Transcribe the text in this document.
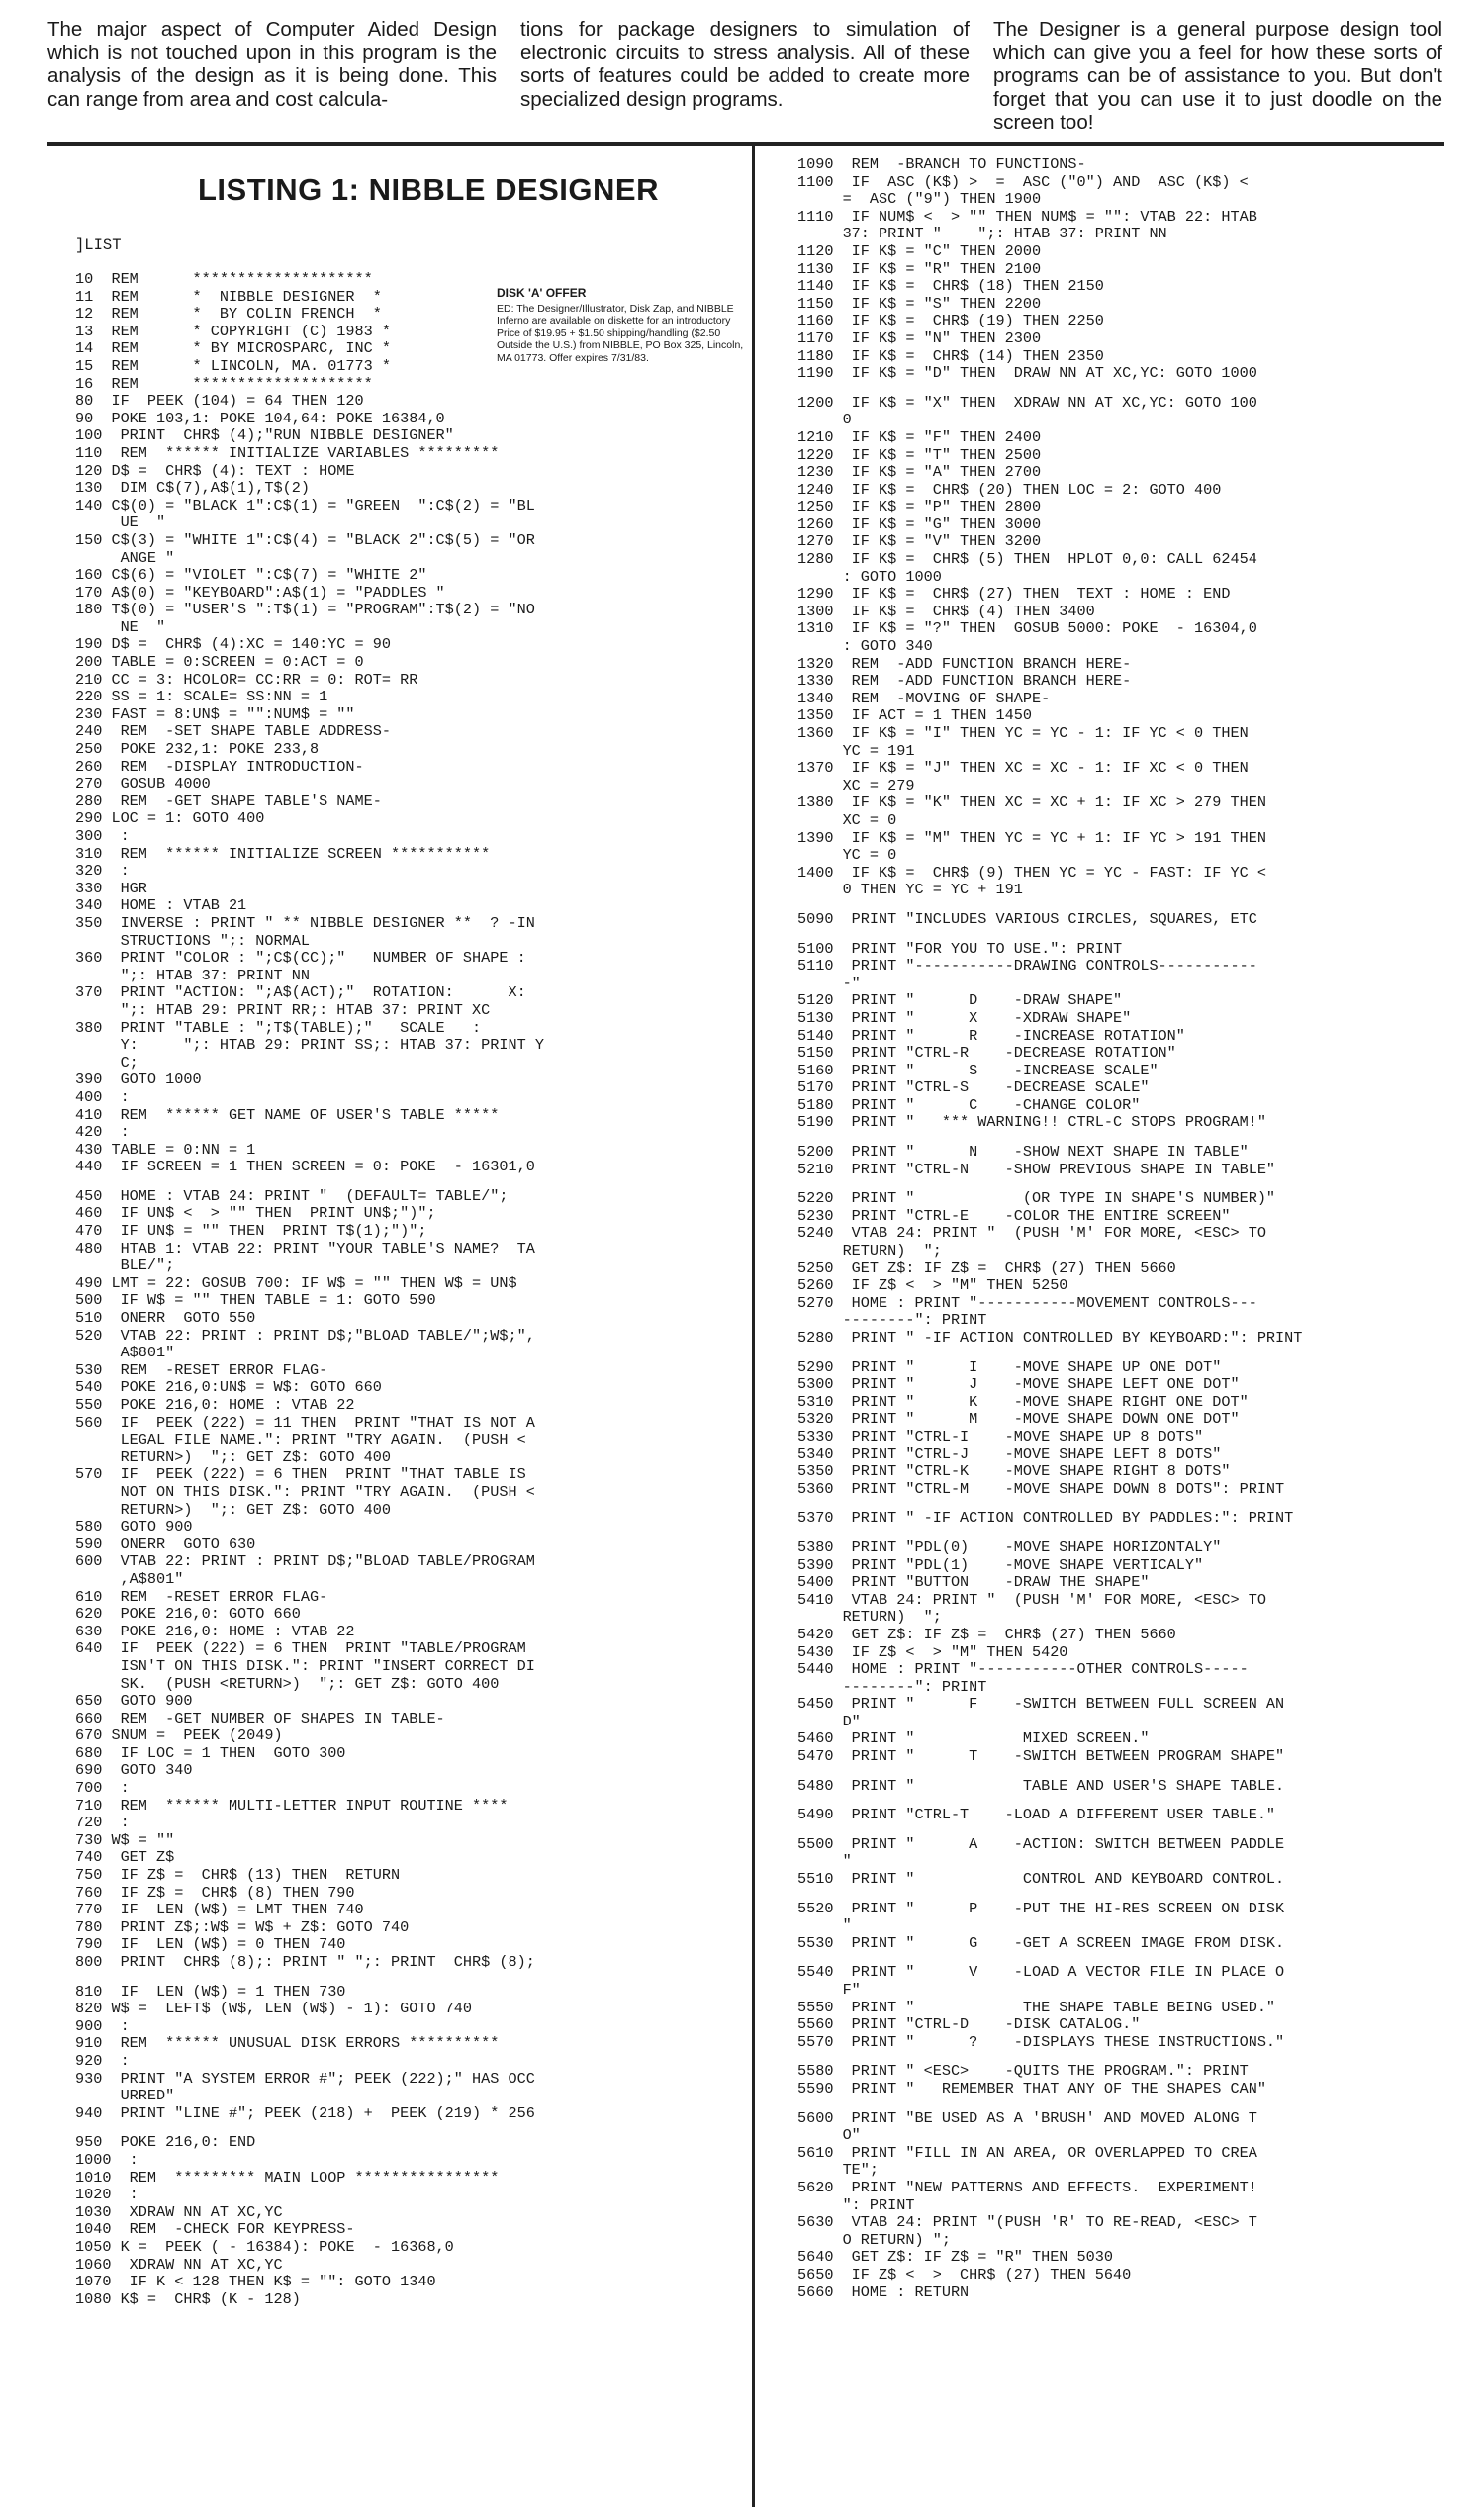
The major aspect of Computer Aided Design which is not touched upon in this program is the analysis of the design as it is being done. This can range from area and cost calcula-
tions for package designers to simulation of electronic circuits to stress analysis. All of these sorts of features could be added to create more specialized design programs.
The Designer is a general purpose design tool which can give you a feel for how these sorts of programs can be of assistance to you. But don't forget that you can use it to just doodle on the screen too!
LISTING 1: NIBBLE DESIGNER
]LIST
DISK 'A' OFFER
ED: The Designer/Illustrator, Disk Zap, and NIBBLE Inferno are available on diskette for an introductory Price of $19.95 + $1.50 shipping/handling ($2.50 Outside the U.S.) from NIBBLE, PO Box 325, Lincoln, MA 01773. Offer expires 7/31/83.
10  REM      ********************
11  REM      *  NIBBLE DESIGNER  *
12  REM      *  BY COLIN FRENCH  *
13  REM      * COPYRIGHT (C) 1983 *
14  REM      * BY MICROSPARC, INC *
15  REM      * LINCOLN, MA. 01773 *
16  REM      ********************
80  IF  PEEK (104) = 64 THEN 120
90  POKE 103,1: POKE 104,64: POKE 16384,0
100  PRINT  CHR$ (4);"RUN NIBBLE DESIGNER"
110  REM  ****** INITIALIZE VARIABLES *********
120 D$ =  CHR$ (4): TEXT : HOME
130  DIM C$(7),A$(1),T$(2)
140 C$(0) = "BLACK 1":C$(1) = "GREEN  ":C$(2) = "BL
UE  "
150 C$(3) = "WHITE 1":C$(4) = "BLACK 2":C$(5) = "OR
ANGE "
160 C$(6) = "VIOLET ":C$(7) = "WHITE 2"
170 A$(0) = "KEYBOARD":A$(1) = "PADDLES "
180 T$(0) = "USER'S ":T$(1) = "PROGRAM":T$(2) = "NO
NE  "
190 D$ =  CHR$ (4):XC = 140:YC = 90
200 TABLE = 0:SCREEN = 0:ACT = 0
210 CC = 3: HCOLOR= CC:RR = 0: ROT= RR
220 SS = 1: SCALE= SS:NN = 1
230 FAST = 8:UN$ = "":NUM$ = ""
240  REM  -SET SHAPE TABLE ADDRESS-
250  POKE 232,1: POKE 233,8
260  REM  -DISPLAY INTRODUCTION-
270  GOSUB 4000
280  REM  -GET SHAPE TABLE'S NAME-
290 LOC = 1: GOTO 400
300  :
310  REM  ****** INITIALIZE SCREEN ***********
320  :
330  HGR
340  HOME : VTAB 21
350  INVERSE : PRINT " ** NIBBLE DESIGNER **  ? -IN
STRUCTIONS ";: NORMAL
360  PRINT "COLOR : ";C$(CC);"   NUMBER OF SHAPE :
";: HTAB 37: PRINT NN
370  PRINT "ACTION: ";A$(ACT);"  ROTATION:      X:
";: HTAB 29: PRINT RR;: HTAB 37: PRINT XC
380  PRINT "TABLE : ";T$(TABLE);"   SCALE   :
Y:     ";: HTAB 29: PRINT SS;: HTAB 37: PRINT Y
C;
390  GOTO 1000
400  :
410  REM  ****** GET NAME OF USER'S TABLE *****
420  :
430 TABLE = 0:NN = 1
440  IF SCREEN = 1 THEN SCREEN = 0: POKE  - 16301,0
450  HOME : VTAB 24: PRINT "  (DEFAULT= TABLE/";
460  IF UN$ <  > "" THEN  PRINT UN$;")";
470  IF UN$ = "" THEN  PRINT T$(1);")";
480  HTAB 1: VTAB 22: PRINT "YOUR TABLE'S NAME?  TA
BLE/";
490 LMT = 22: GOSUB 700: IF W$ = "" THEN W$ = UN$
500  IF W$ = "" THEN TABLE = 1: GOTO 590
510  ONERR  GOTO 550
520  VTAB 22: PRINT : PRINT D$;"BLOAD TABLE/";W$;",
A$801"
530  REM  -RESET ERROR FLAG-
540  POKE 216,0:UN$ = W$: GOTO 660
550  POKE 216,0: HOME : VTAB 22
560  IF  PEEK (222) = 11 THEN  PRINT "THAT IS NOT A
LEGAL FILE NAME.": PRINT "TRY AGAIN.  (PUSH <
RETURN>)  ";: GET Z$: GOTO 400
570  IF  PEEK (222) = 6 THEN  PRINT "THAT TABLE IS
NOT ON THIS DISK.": PRINT "TRY AGAIN.  (PUSH <
RETURN>)  ";: GET Z$: GOTO 400
580  GOTO 900
590  ONERR  GOTO 630
600  VTAB 22: PRINT : PRINT D$;"BLOAD TABLE/PROGRAM
,A$801"
610  REM  -RESET ERROR FLAG-
620  POKE 216,0: GOTO 660
630  POKE 216,0: HOME : VTAB 22
640  IF  PEEK (222) = 6 THEN  PRINT "TABLE/PROGRAM
ISN'T ON THIS DISK.": PRINT "INSERT CORRECT DI
SK.  (PUSH <RETURN>)  ";: GET Z$: GOTO 400
650  GOTO 900
660  REM  -GET NUMBER OF SHAPES IN TABLE-
670 SNUM =  PEEK (2049)
680  IF LOC = 1 THEN  GOTO 300
690  GOTO 340
700  :
710  REM  ****** MULTI-LETTER INPUT ROUTINE ****
720  :
730 W$ = ""
740  GET Z$
750  IF Z$ =  CHR$ (13) THEN  RETURN
760  IF Z$ =  CHR$ (8) THEN 790
770  IF  LEN (W$) = LMT THEN 740
780  PRINT Z$;:W$ = W$ + Z$: GOTO 740
790  IF  LEN (W$) = 0 THEN 740
800  PRINT  CHR$ (8);: PRINT " ";: PRINT  CHR$ (8);
810  IF  LEN (W$) = 1 THEN 730
820 W$ =  LEFT$ (W$, LEN (W$) - 1): GOTO 740
900  :
910  REM  ****** UNUSUAL DISK ERRORS **********
920  :
930  PRINT "A SYSTEM ERROR #"; PEEK (222);" HAS OCC
URRED"
940  PRINT "LINE #"; PEEK (218) +  PEEK (219) * 256
950  POKE 216,0: END
1000  :
1010  REM  ********* MAIN LOOP ****************
1020  :
1030  XDRAW NN AT XC,YC
1040  REM  -CHECK FOR KEYPRESS-
1050 K =  PEEK ( - 16384): POKE  - 16368,0
1060  XDRAW NN AT XC,YC
1070  IF K < 128 THEN K$ = "": GOTO 1340
1080 K$ =  CHR$ (K - 128)
1090  REM  -BRANCH TO FUNCTIONS-
1100  IF  ASC (K$) >  =  ASC ("0") AND  ASC (K$) <
=  ASC ("9") THEN 1900
1110  IF NUM$ <  > "" THEN NUM$ = "": VTAB 22: HTAB
37: PRINT "    ";: HTAB 37: PRINT NN
1120  IF K$ = "C" THEN 2000
1130  IF K$ = "R" THEN 2100
1140  IF K$ =  CHR$ (18) THEN 2150
1150  IF K$ = "S" THEN 2200
1160  IF K$ =  CHR$ (19) THEN 2250
1170  IF K$ = "N" THEN 2300
1180  IF K$ =  CHR$ (14) THEN 2350
1190  IF K$ = "D" THEN  DRAW NN AT XC,YC: GOTO 1000
1200  IF K$ = "X" THEN  XDRAW NN AT XC,YC: GOTO 100
0
1210  IF K$ = "F" THEN 2400
1220  IF K$ = "T" THEN 2500
1230  IF K$ = "A" THEN 2700
1240  IF K$ =  CHR$ (20) THEN LOC = 2: GOTO 400
1250  IF K$ = "P" THEN 2800
1260  IF K$ = "G" THEN 3000
1270  IF K$ = "V" THEN 3200
1280  IF K$ =  CHR$ (5) THEN  HPLOT 0,0: CALL 62454
: GOTO 1000
1290  IF K$ =  CHR$ (27) THEN  TEXT : HOME : END
1300  IF K$ =  CHR$ (4) THEN 3400
1310  IF K$ = "?" THEN  GOSUB 5000: POKE  - 16304,0
: GOTO 340
1320  REM  -ADD FUNCTION BRANCH HERE-
1330  REM  -ADD FUNCTION BRANCH HERE-
1340  REM  -MOVING OF SHAPE-
1350  IF ACT = 1 THEN 1450
1360  IF K$ = "I" THEN YC = YC - 1: IF YC < 0 THEN
YC = 191
1370  IF K$ = "J" THEN XC = XC - 1: IF XC < 0 THEN
XC = 279
1380  IF K$ = "K" THEN XC = XC + 1: IF XC > 279 THEN
XC = 0
1390  IF K$ = "M" THEN YC = YC + 1: IF YC > 191 THEN
YC = 0
1400  IF K$ =  CHR$ (9) THEN YC = YC - FAST: IF YC <
0 THEN YC = YC + 191
5090  PRINT "INCLUDES VARIOUS CIRCLES, SQUARES, ETC
5100  PRINT "FOR YOU TO USE.": PRINT
5110  PRINT "-----------DRAWING CONTROLS-----------
-"
5120  PRINT "      D    -DRAW SHAPE"
5130  PRINT "      X    -XDRAW SHAPE"
5140  PRINT "      R    -INCREASE ROTATION"
5150  PRINT "CTRL-R    -DECREASE ROTATION"
5160  PRINT "      S    -INCREASE SCALE"
5170  PRINT "CTRL-S    -DECREASE SCALE"
5180  PRINT "      C    -CHANGE COLOR"
5190  PRINT "   *** WARNING!! CTRL-C STOPS PROGRAM!"
5200  PRINT "      N    -SHOW NEXT SHAPE IN TABLE"
5210  PRINT "CTRL-N    -SHOW PREVIOUS SHAPE IN TABLE"
5220  PRINT "            (OR TYPE IN SHAPE'S NUMBER)"
5230  PRINT "CTRL-E    -COLOR THE ENTIRE SCREEN"
5240  VTAB 24: PRINT "  (PUSH 'M' FOR MORE, <ESC> TO
RETURN)  ";
5250  GET Z$: IF Z$ =  CHR$ (27) THEN 5660
5260  IF Z$ <  > "M" THEN 5250
5270  HOME : PRINT "-----------MOVEMENT CONTROLS---
--------": PRINT
5280  PRINT " -IF ACTION CONTROLLED BY KEYBOARD:": PRINT
5290  PRINT "      I    -MOVE SHAPE UP ONE DOT"
5300  PRINT "      J    -MOVE SHAPE LEFT ONE DOT"
5310  PRINT "      K    -MOVE SHAPE RIGHT ONE DOT"
5320  PRINT "      M    -MOVE SHAPE DOWN ONE DOT"
5330  PRINT "CTRL-I    -MOVE SHAPE UP 8 DOTS"
5340  PRINT "CTRL-J    -MOVE SHAPE LEFT 8 DOTS"
5350  PRINT "CTRL-K    -MOVE SHAPE RIGHT 8 DOTS"
5360  PRINT "CTRL-M    -MOVE SHAPE DOWN 8 DOTS": PRINT
5370  PRINT " -IF ACTION CONTROLLED BY PADDLES:": PRINT
5380  PRINT "PDL(0)    -MOVE SHAPE HORIZONTALY"
5390  PRINT "PDL(1)    -MOVE SHAPE VERTICALY"
5400  PRINT "BUTTON    -DRAW THE SHAPE"
5410  VTAB 24: PRINT "  (PUSH 'M' FOR MORE, <ESC> TO
RETURN)  ";
5420  GET Z$: IF Z$ =  CHR$ (27) THEN 5660
5430  IF Z$ <  > "M" THEN 5420
5440  HOME : PRINT "-----------OTHER CONTROLS-----
--------": PRINT
5450  PRINT "      F    -SWITCH BETWEEN FULL SCREEN AN
D"
5460  PRINT "            MIXED SCREEN."
5470  PRINT "      T    -SWITCH BETWEEN PROGRAM SHAPE"
5480  PRINT "            TABLE AND USER'S SHAPE TABLE.
5490  PRINT "CTRL-T    -LOAD A DIFFERENT USER TABLE."
5500  PRINT "      A    -ACTION: SWITCH BETWEEN PADDLE
"
5510  PRINT "            CONTROL AND KEYBOARD CONTROL.
5520  PRINT "      P    -PUT THE HI-RES SCREEN ON DISK
"
5530  PRINT "      G    -GET A SCREEN IMAGE FROM DISK.
5540  PRINT "      V    -LOAD A VECTOR FILE IN PLACE O
F"
5550  PRINT "            THE SHAPE TABLE BEING USED."
5560  PRINT "CTRL-D    -DISK CATALOG."
5570  PRINT "      ?    -DISPLAYS THESE INSTRUCTIONS."
5580  PRINT " <ESC>    -QUITS THE PROGRAM.": PRINT
5590  PRINT "   REMEMBER THAT ANY OF THE SHAPES CAN"
5600  PRINT "BE USED AS A 'BRUSH' AND MOVED ALONG T
O"
5610  PRINT "FILL IN AN AREA, OR OVERLAPPED TO CREA
TE";
5620  PRINT "NEW PATTERNS AND EFFECTS.  EXPERIMENT!
": PRINT
5630  VTAB 24: PRINT "(PUSH 'R' TO RE-READ, <ESC> T
O RETURN) ";
5640  GET Z$: IF Z$ = "R" THEN 5030
5650  IF Z$ <  >  CHR$ (27) THEN 5640
5660  HOME : RETURN
